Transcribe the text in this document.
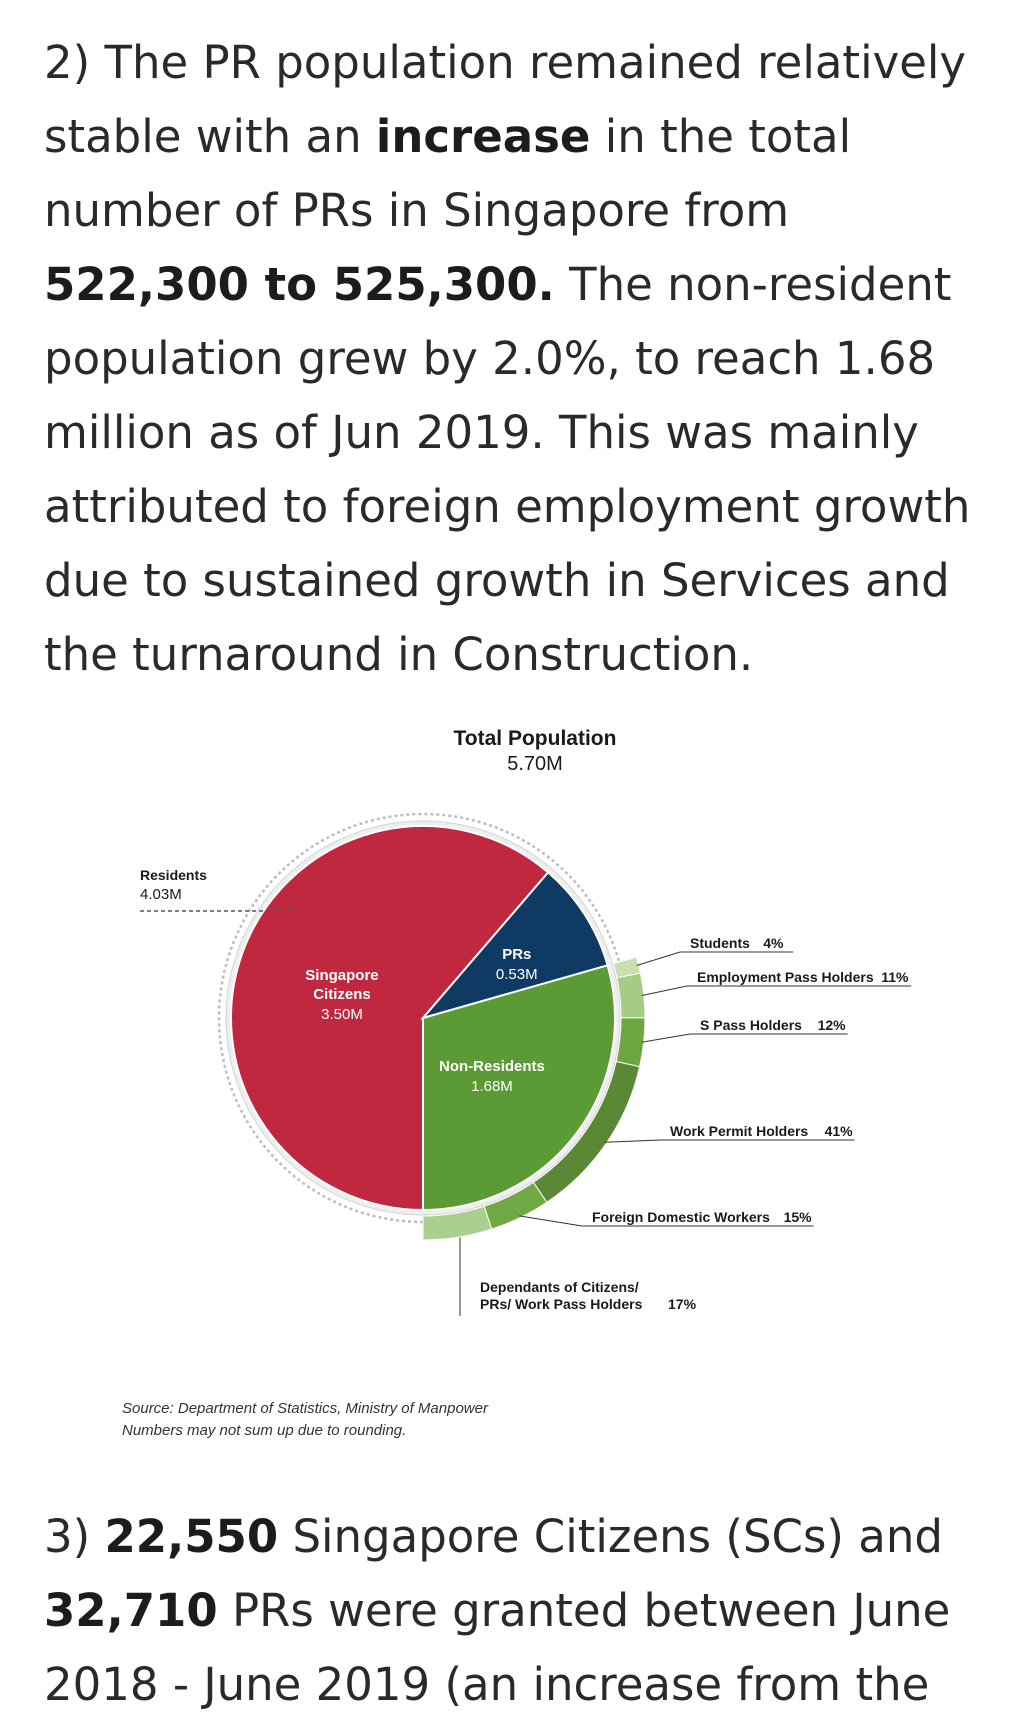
2) The PR population remained relatively stable with an increase in the total number of PRs in Singapore from 522,300 to 525,300. The non-resident population grew by 2.0%, to reach 1.68 million as of Jun 2019. This was mainly attributed to foreign employment growth due to sustained growth in Services and the turnaround in Construction.

Total Population
5.70M
Singapore
Citizens
3.50M
PRs
0.53M
Non-Residents
1.68M
Residents
4.03M
Students 4%
Employment Pass Holders 11%
S Pass Holders 12%
Work Permit Holders 41%
Foreign Domestic Workers 15%
Dependants of Citizens/
PRs/ Work Pass Holders 17%
Source: Department of Statistics, Ministry of Manpower
Numbers may not sum up due to rounding.

3) 22,550 Singapore Citizens (SCs) and 32,710 PRs were granted between June 2018 - June 2019 (an increase from the
